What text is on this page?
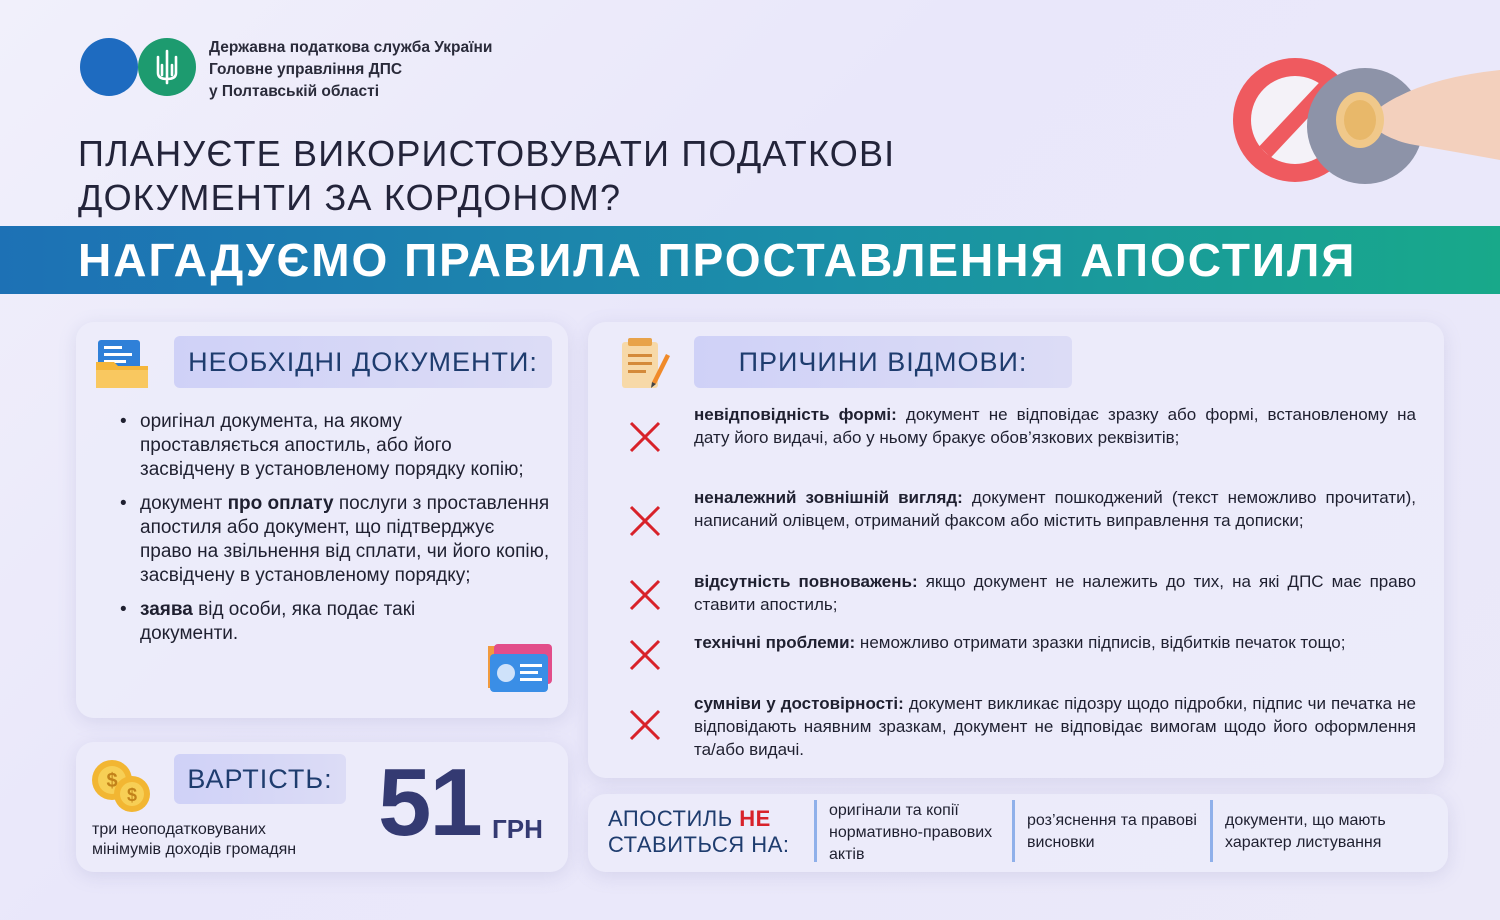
Державна податкова служба України
Головне управління ДПС
у Полтавській області
ПЛАНУЄТЕ ВИКОРИСТОВУВАТИ ПОДАТКОВІ
ДОКУМЕНТИ ЗА КОРДОНОМ?
НАГАДУЄМО ПРАВИЛА ПРОСТАВЛЕННЯ АПОСТИЛЯ
НЕОБХІДНІ ДОКУМЕНТИ:
• оригінал документа, на якому проставляється апостиль, або його засвідчену в установленому порядку копію;
• документ про оплату послуги з проставлення апостиля або документ, що підтверджує право на звільнення від сплати, чи його копію, засвідчену в установленому порядку;
• заява від особи, яка подає такі документи.
$
$
ВАРТІСТЬ:
три неоподатковуваних
мінімумів доходів громадян 51 ГРН
ПРИЧИНИ ВІДМОВИ:
невідповідність формі: документ не відповідає зразку або формі, встановленому на дату його видачі, або у ньому бракує обов’язкових реквізитів;
неналежний зовнішній вигляд: документ пошкоджений (текст неможливо прочитати), написаний олівцем, отриманий факсом або містить виправлення та дописки;
відсутність повноважень: якщо документ не належить до тих, на які ДПС має право ставити апостиль;
технічні проблеми: неможливо отримати зразки підписів, відбитків печаток тощо;
сумніви у достовірності: документ викликає підозру щодо підробки, підпис чи печатка не відповідають наявним зразкам, документ не відповідає вимогам щодо його оформлення та/або видачі.
АПОСТИЛЬ НЕ
СТАВИТЬСЯ НА:
оригінали та копії нормативно-правових актів
роз’яснення та правові висновки
документи, що мають характер листування
